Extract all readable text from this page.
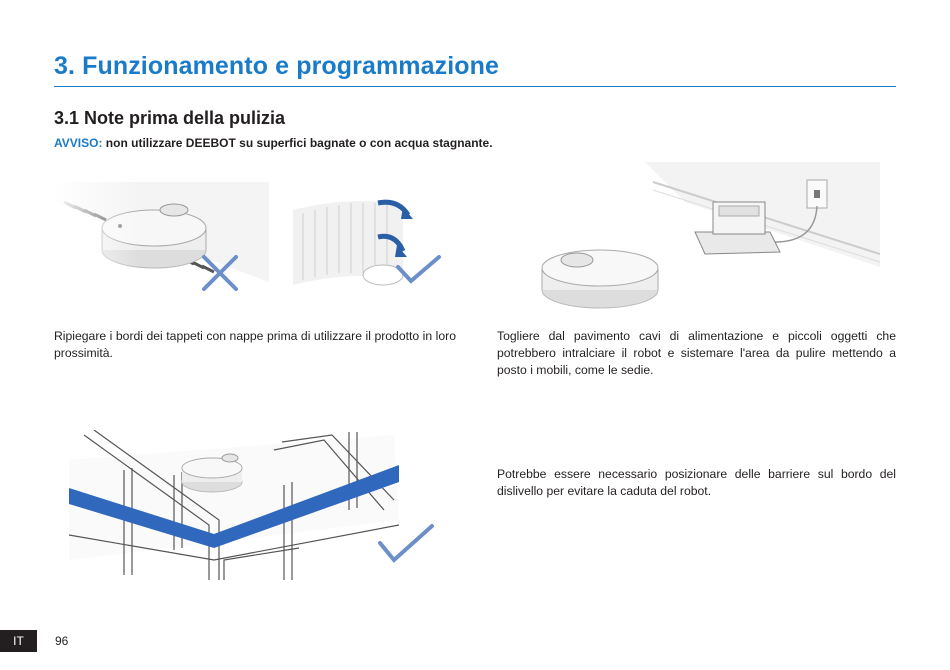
3. Funzionamento e programmazione
3.1 Note prima della pulizia

AVVISO: non utilizzare DEEBOT su superfici bagnate o con acqua stagnante.

Ripiegare i bordi dei tappeti con nappe prima di utilizzare il prodotto in loro prossimità.

Togliere dal pavimento cavi di alimentazione e piccoli oggetti che potrebbero intralciare il robot e sistemare l'area da pulire mettendo a posto i mobili, come le sedie.

Potrebbe essere necessario posizionare delle barriere sul bordo del dislivello per evitare la caduta del robot.

IT	96
